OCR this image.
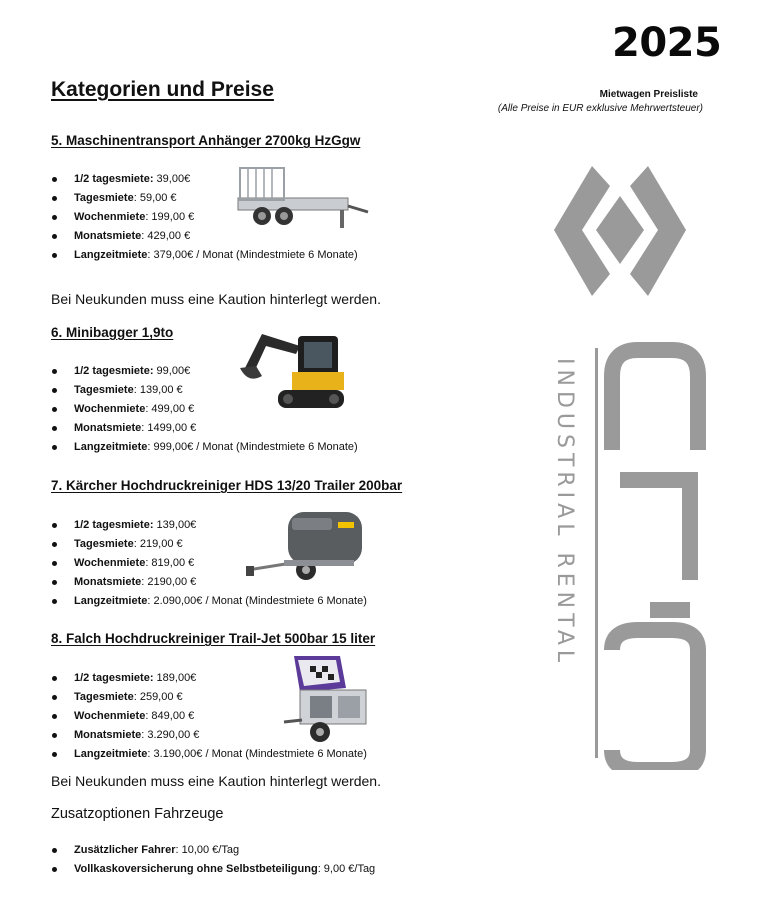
2025
Kategorien und Preise	Mietwagen Preisliste
(Alle Preise in EUR exklusive Mehrwertsteuer)
5. Maschinentransport Anhänger 2700kg HzGgw
1/2 tagesmiete: 39,00€
Tagesmiete: 59,00 €
Wochenmiete: 199,00 €
Monatsmiete: 429,00 €
Langzeitmiete: 379,00€ / Monat (Mindestmiete 6 Monate)
Bei Neukunden muss eine Kaution hinterlegt werden.
6. Minibagger 1,9to
1/2 tagesmiete: 99,00€
Tagesmiete: 139,00 €
Wochenmiete: 499,00 €
Monatsmiete: 1499,00 €
Langzeitmiete: 999,00€ / Monat (Mindestmiete 6 Monate)
7. Kärcher Hochdruckreiniger HDS 13/20 Trailer 200bar
1/2 tagesmiete: 139,00€
Tagesmiete: 219,00 €
Wochenmiete: 819,00 €
Monatsmiete: 2190,00 €
Langzeitmiete: 2.090,00€ / Monat (Mindestmiete 6 Monate)
8. Falch Hochdruckreiniger Trail-Jet 500bar 15 liter
1/2 tagesmiete: 189,00€
Tagesmiete: 259,00 €
Wochenmiete: 849,00 €
Monatsmiete: 3.290,00 €
Langzeitmiete: 3.190,00€ / Monat (Mindestmiete 6 Monate)
Bei Neukunden muss eine Kaution hinterlegt werden.
Zusatzoptionen Fahrzeuge
Zusätzlicher Fahrer: 10,00 €/Tag
Vollkaskoversicherung ohne Selbstbeteiligung: 9,00 €/Tag
INDUSTRIAL RENTAL
